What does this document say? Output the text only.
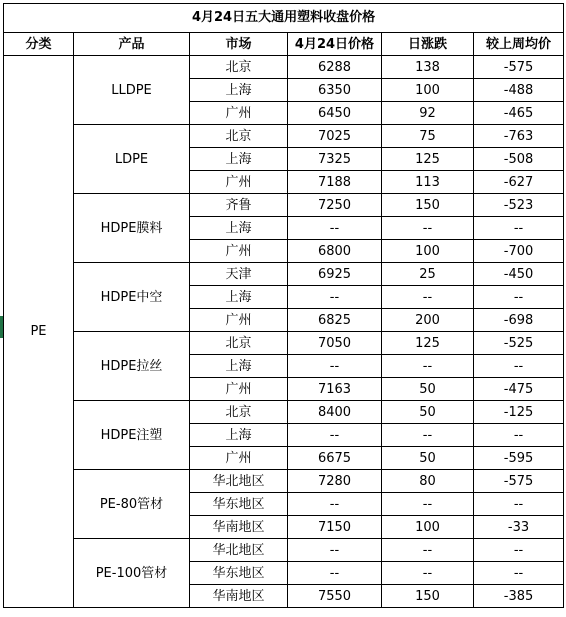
4月24日五大通用塑料收盘价格					
分类	产品	市场	4月24日价格	日涨跌	较上周均价
PE	LLDPE	北京	6288	138	-575
		上海	6350	100	-488
		广州	6450	92	-465
	LDPE	北京	7025	75	-763
		上海	7325	125	-508
		广州	7188	113	-627
	HDPE膜料	齐鲁	7250	150	-523
		上海	--	--	--
		广州	6800	100	-700
	HDPE中空	天津	6925	25	-450
		上海	--	--	--
		广州	6825	200	-698
	HDPE拉丝	北京	7050	125	-525
		上海	--	--	--
		广州	7163	50	-475
	HDPE注塑	北京	8400	50	-125
		上海	--	--	--
		广州	6675	50	-595
	PE-80管材	华北地区	7280	80	-575
		华东地区	--	--	--
		华南地区	7150	100	-33
	PE-100管材	华北地区	--	--	--
		华东地区	--	--	--
		华南地区	7550	150	-385
